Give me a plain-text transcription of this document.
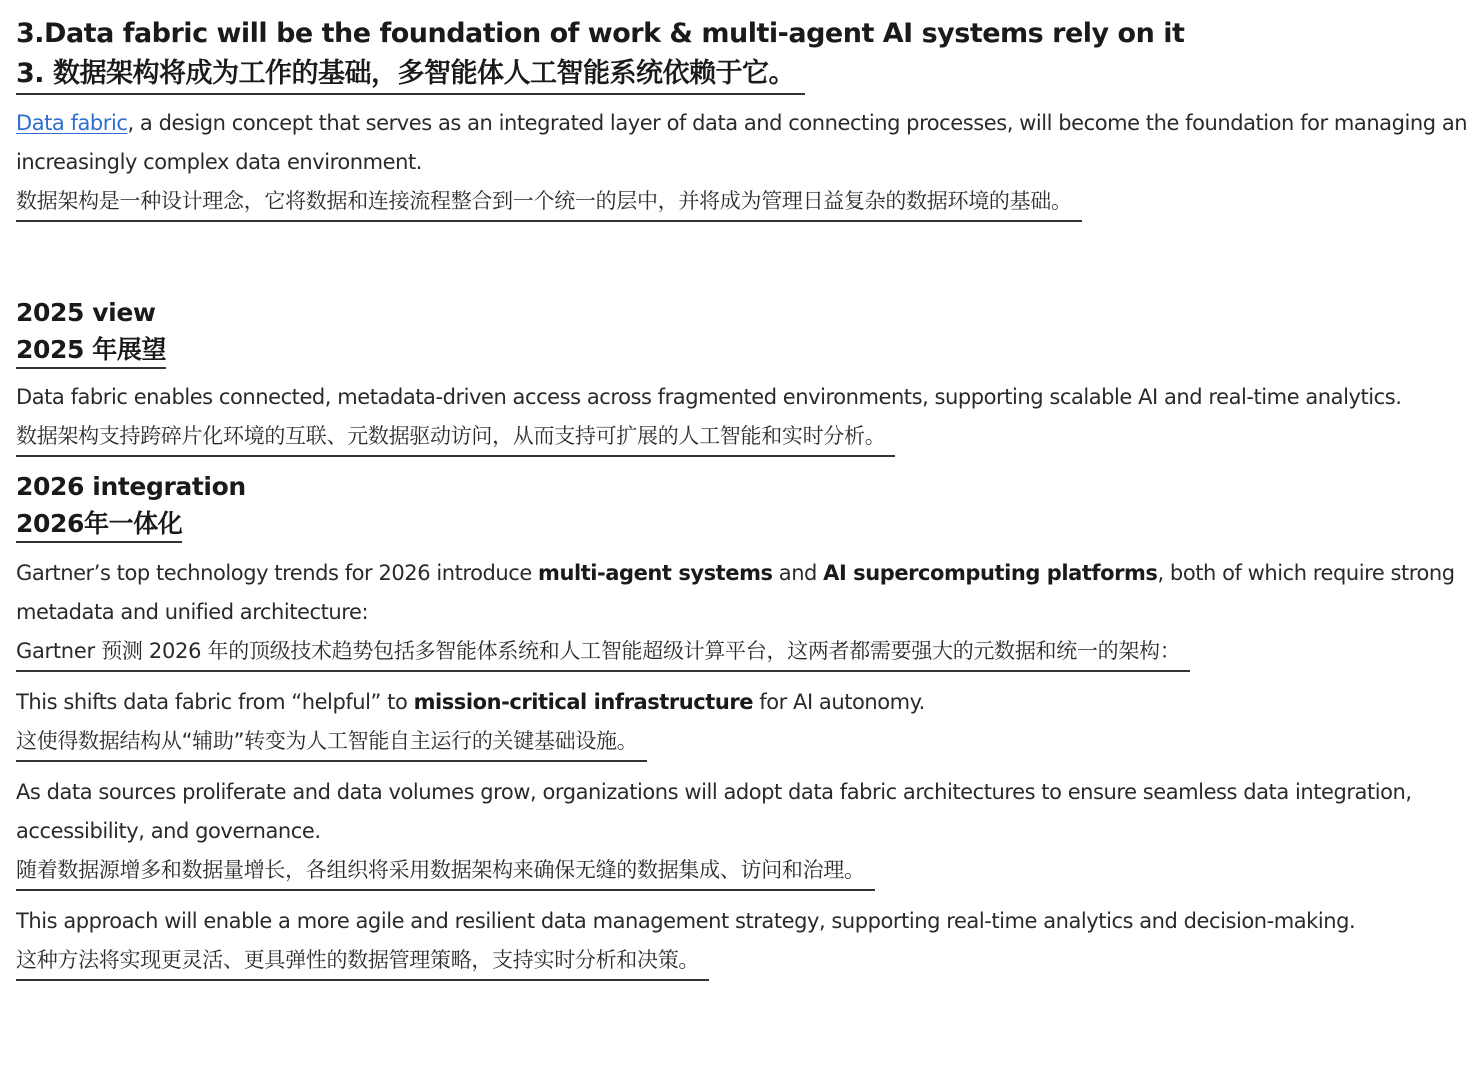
3.Data fabric will be the foundation of work & multi-agent AI systems rely on it
3. 数据架构将成为工作的基础，多智能体人工智能系统依赖于它。
Data fabric, a design concept that serves as an integrated layer of data and connecting processes, will become the foundation for managing an increasingly complex data environment.
数据架构是一种设计理念，它将数据和连接流程整合到一个统一的层中，并将成为管理日益复杂的数据环境的基础。
2025 view
2025 年展望
Data fabric enables connected, metadata-driven access across fragmented environments, supporting scalable AI and real-time analytics.
数据架构支持跨碎片化环境的互联、元数据驱动访问，从而支持可扩展的人工智能和实时分析。
2026 integration
2026年一体化
Gartner’s top technology trends for 2026 introduce multi-agent systems and AI supercomputing platforms, both of which require strong metadata and unified architecture:
Gartner 预测 2026 年的顶级技术趋势包括多智能体系统和人工智能超级计算平台，这两者都需要强大的元数据和统一的架构：
This shifts data fabric from “helpful” to mission-critical infrastructure for AI autonomy.
这使得数据结构从“辅助”转变为人工智能自主运行的关键基础设施。
As data sources proliferate and data volumes grow, organizations will adopt data fabric architectures to ensure seamless data integration, accessibility, and governance.
随着数据源增多和数据量增长，各组织将采用数据架构来确保无缝的数据集成、访问和治理。
This approach will enable a more agile and resilient data management strategy, supporting real-time analytics and decision-making.
这种方法将实现更灵活、更具弹性的数据管理策略，支持实时分析和决策。
